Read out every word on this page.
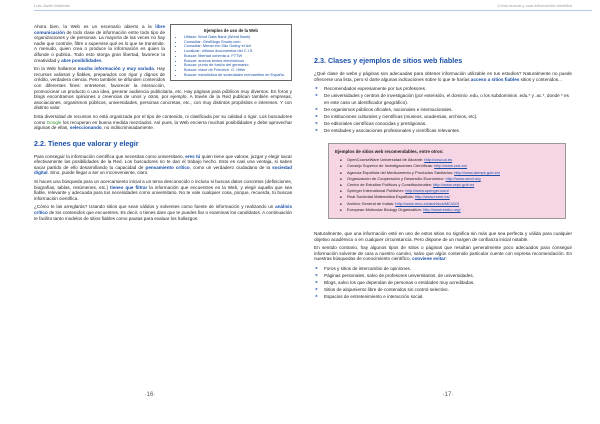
Luis Javier Martínez
Ejemplos de uso de la Web
• Utilizar: Word Data Bank (World Bank)
• Consultar: GeoBlogs Smuts.com
• Consultar: Moran em São Galloy et Axl
• Localizar: últimos documentos del C.I.S.
• Buscar: libertad ochenta a. FTTW
• Buscar: anexos textos electrónicos
• Buscar: punto de fusión del germanio.
• Buscar: clave de Friedrich. G. Hitler
• Buscar: estadística de sociedades mercantiles en España.

Ahora bien, la Web es un escenario abierto a la libre comunicación de todo clase de información entre todo tipo de organizaciones y de personas. La mayoría de las veces no hay nadie que controle, filtre o supervise qué es lo que se transmite. A menudo, quien crea o produce la información es quien la difunde o publica. Todo esto otorga gran libertad, favorece la creatividad y abre posibilidades.

En la Web hallamos mucha información y muy variada. Hay recursos valiosos y fiables, preparados con rigor y dignos de crédito, verdadera ciencia. Pero también se difunden contenidos con diferentes fines: entretener, favorecer la interacción, promocionar un producto o una idea, generar audiencia publicitaria, etc. Hay páginas para públicos muy diversos. En foros y blogs encontramos opiniones o creencias de unos y otros, por ejemplo. A través de la Red publican también empresas, asociaciones, organismos públicos, universidades, personas concretas, etc., con muy distintos propósitos e intereses. Y con distinto valor.

Esta diversidad de recursos no está organizada por el tipo de contenido, ni clasificada por su calidad o rigor. Los buscadores como Google los recuperan en buena medida mezclados. Así pues, la Web encierra muchas posibilidades y debe aprovechar algunas de ellas, seleccionando, no indiscriminadamente.

2.2. Tienes que valorar y elegir

Para conseguir la información científica que necesitas como universitario, eres tú quien tiene que valorar, juzgar y elegir sacar efectivamente las posibilidades de la Red. Los buscadores no te dan el trabajo hecho. Esto es casi una ventaja, si sabes sacar partido de ello desarrollando tu capacidad de pensamiento crítico, como un verdadero ciudadano de la sociedad digital. Sino, puede llegar a ser un inconveniente, claro.

Si haces una búsqueda para un acercamiento inicial a un tema desconocido o incluso si buscas datos concretos (definiciones, biografías, tablas, resúmenes, etc.) tienes que filtrar la información que encuentres en la Web, y elegir aquella que sea fiable, relevante y adecuada para tus necesidades como universitario. No te vale cualquier cosa, porque, recuerda, tú buscas información científica.

¿Cómo te las arreglarás? Usando sitios que sean válidos y solventes como fuente de información y realizando un análisis crítico de los contenidos que encuentres. Es decir, o tienes dare que te puedes fiar o examinas los candidatos. A continuación te facilito tanto modelos de sitios fiables como pautas para evaluar los hallazgos.

· 16 ·
Cómo buscar y usar información científica
2.3. Clases y ejemplos de sitios web fiables

¿Qué clase de webs y páginas son adecuadas para obtener información utilizable en tus estudios? Naturalmente no puede ofrecerse una lista, pero sí darte algunas indicaciones sobre lo que te harías acceso a sitios fiables sitios y contenidos...

► Recomendados expresamente por tus profesores.
► De universidades y centros de investigación (por extensión, el dominio .edu, o los subdominios .edu.* y .ac.*, donde * es en este caso un identificador geográfico).
► De organismos públicos oficiales, nacionales e internacionales.
► De instituciones culturales y científicas (museos, academias, archivos, etc).
► De editoriales científicas conocidas y prestigiosas.
► De entidades y asociaciones profesionales y científicas relevantes.
Ejemplos de sitios web recomendables, entre otros:
■ OpenCourseWare Universidad de Alicante: http://ocw.ua.es
■ Consejo Superior de Investigaciones Científicas: http://www.csic.es/
■ Agencia Española del Medicamento y Productos Sanitarios: http://www.aemps.gob.es/
■ Organización de Cooperación y Desarrollo Económico: http://www.oecd.org
■ Centro de Estudios Políticos y Constitucionales: http://www.cepc.gob.es
■ Springer International Publisher: http://www.springer.com/
■ Real Sociedad Matemática Española: http://www.rsme.es/
■ Archivo General de Indias: http://www.mcu.es/archivos/MC/AGI
■ European Molecular Biology Organization: http://www.embo.org/

Naturalmente, que una información esté en uno de estos sitios no significa sin más que sea perfecta y válida para cualquier objetivo académico o en cualquier circunstancia. Pero dispone de un margen de confianza inicial notable.

En sentido contrario, hay algunos tipos de sitios o páginas que resultan generalmente poco adecuados para conseguir información solvente de cara a nuestro camino, salvo que algún contenido particular cuente con expresa recomendación. En nuestras búsquedas de conocimiento científico, conviene evitar:

► Foros y sitios de intercambio de opiniones.
► Páginas personales, salvo de profesores universitarios, de universidades.
► Blogs, salvo los que dependan de personas o entidades muy acreditadas.
► Sitios de alojamiento libre de contenidos sin control selectivo.
► Espacios de entretenimiento e interacción social.
· 17 ·
